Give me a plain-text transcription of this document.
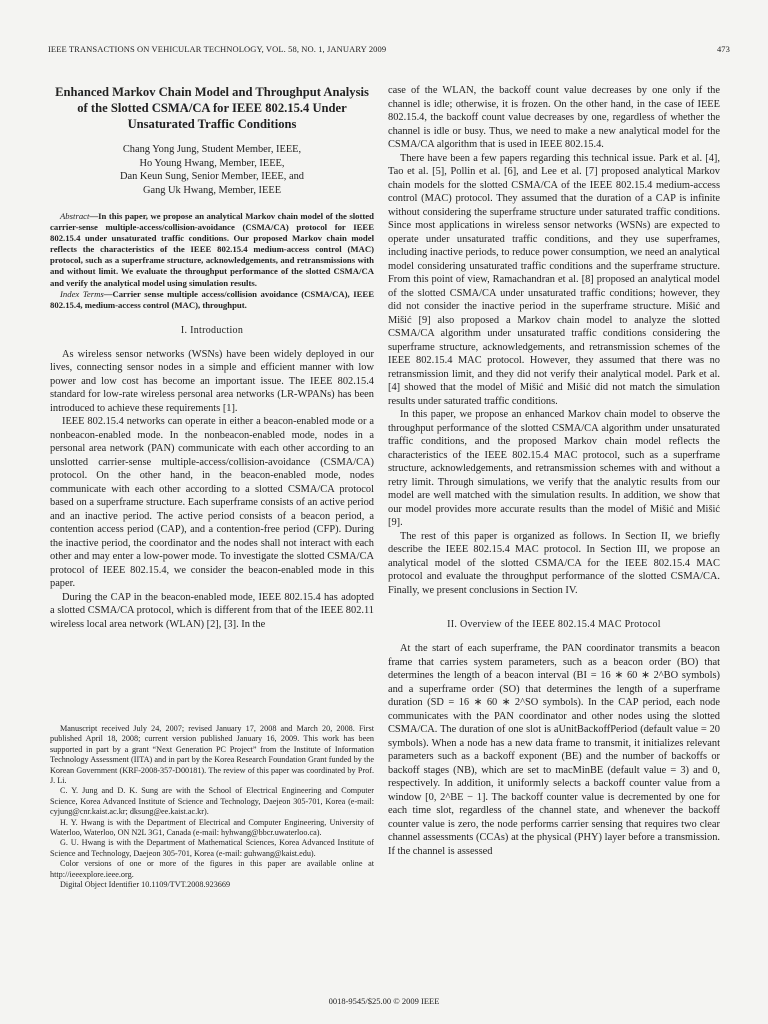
IEEE TRANSACTIONS ON VEHICULAR TECHNOLOGY, VOL. 58, NO. 1, JANUARY 2009	473
Enhanced Markov Chain Model and Throughput Analysis
of the Slotted CSMA/CA for IEEE 802.15.4 Under
Unsaturated Traffic Conditions
Chang Yong Jung, Student Member, IEEE,
Ho Young Hwang, Member, IEEE,
Dan Keun Sung, Senior Member, IEEE, and
Gang Uk Hwang, Member, IEEE

Abstract—In this paper, we propose an analytical Markov chain model of the slotted carrier-sense multiple-access/collision-avoidance (CSMA/CA) protocol for IEEE 802.15.4 under unsaturated traffic conditions. Our proposed Markov chain model reflects the characteristics of the IEEE 802.15.4 medium-access control (MAC) protocol, such as a superframe structure, acknowledgements, and retransmissions with and without limit. We evaluate the throughput performance of the slotted CSMA/CA and verify the analytical model using simulation results.

Index Terms—Carrier sense multiple access/collision avoidance (CSMA/CA), IEEE 802.15.4, medium-access control (MAC), throughput.

I. Introduction

As wireless sensor networks (WSNs) have been widely deployed in our lives, connecting sensor nodes in a simple and efficient manner with low power and low cost has become an important issue. The IEEE 802.15.4 standard for low-rate wireless personal area networks (LR-WPANs) has been introduced to achieve these requirements [1].

IEEE 802.15.4 networks can operate in either a beacon-enabled mode or a nonbeacon-enabled mode. In the nonbeacon-enabled mode, nodes in a personal area network (PAN) communicate with each other according to an unslotted carrier-sense multiple-access/collision-avoidance (CSMA/CA) protocol. On the other hand, in the beacon-enabled mode, nodes communicate with each other according to a slotted CSMA/CA protocol based on a superframe structure. Each superframe consists of an active period and an inactive period. The active period consists of a beacon period, a contention access period (CAP), and a contention-free period (CFP). During the inactive period, the coordinator and the nodes shall not interact with each other and may enter a low-power mode. To investigate the slotted CSMA/CA protocol of IEEE 802.15.4, we consider the beacon-enabled mode in this paper.

During the CAP in the beacon-enabled mode, IEEE 802.15.4 has adopted a slotted CSMA/CA protocol, which is different from that of the IEEE 802.11 wireless local area network (WLAN) [2], [3]. In the

Manuscript received July 24, 2007; revised January 17, 2008 and March 20, 2008. First published April 18, 2008; current version published January 16, 2009. This work has been supported in part by a grant “Next Generation PC Project” from the Institute of Information Technology Assessment (IITA) and in part by the Korea Research Foundation Grant funded by the Korean Government (KRF-2008-357-D00181). The review of this paper was coordinated by Prof. J. Li.

C. Y. Jung and D. K. Sung are with the School of Electrical Engineering and Computer Science, Korea Advanced Institute of Science and Technology, Daejeon 305-701, Korea (e-mail: cyjung@cnr.kaist.ac.kr; dksung@ee.kaist.ac.kr).

H. Y. Hwang is with the Department of Electrical and Computer Engineering, University of Waterloo, Waterloo, ON N2L 3G1, Canada (e-mail: hyhwang@bbcr.uwaterloo.ca).

G. U. Hwang is with the Department of Mathematical Sciences, Korea Advanced Institute of Science and Technology, Daejeon 305-701, Korea (e-mail: guhwang@kaist.edu).

Color versions of one or more of the figures in this paper are available online at http://ieeexplore.ieee.org.

Digital Object Identifier 10.1109/TVT.2008.923669

case of the WLAN, the backoff count value decreases by one only if the channel is idle; otherwise, it is frozen. On the other hand, in the case of IEEE 802.15.4, the backoff count value decreases by one, regardless of whether the channel is idle or busy. Thus, we need to make a new analytical model for the CSMA/CA algorithm that is used in IEEE 802.15.4.

There have been a few papers regarding this technical issue. Park et al. [4], Tao et al. [5], Pollin et al. [6], and Lee et al. [7] proposed analytical Markov chain models for the slotted CSMA/CA of the IEEE 802.15.4 medium-access control (MAC) protocol. They assumed that the duration of a CAP is infinite without considering the superframe structure under saturated traffic conditions. Since most applications in wireless sensor networks (WSNs) are expected to operate under unsaturated traffic conditions, and they use superframes, including inactive periods, to reduce power consumption, we need an analytical model considering unsaturated traffic conditions and the superframe structure. From this point of view, Ramachandran et al. [8] proposed an analytical model of the slotted CSMA/CA under unsaturated traffic conditions; however, they did not consider the inactive period in the superframe structure. Mišić and Mišić [9] also proposed a Markov chain model to analyze the slotted CSMA/CA algorithm under unsaturated traffic conditions considering the superframe structure, acknowledgements, and retransmission schemes of the IEEE 802.15.4 MAC protocol. However, they assumed that there was no retransmission limit, and they did not verify their analytical model. Park et al. [4] showed that the model of Mišić and Mišić did not match the simulation results under saturated traffic conditions.

In this paper, we propose an enhanced Markov chain model to observe the throughput performance of the slotted CSMA/CA algorithm under unsaturated traffic conditions, and the proposed Markov chain model reflects the characteristics of the IEEE 802.15.4 MAC protocol, such as a superframe structure, acknowledgements, and retransmission schemes with and without a retry limit. Through simulations, we verify that the analytic results from our model are well matched with the simulation results. In addition, we show that our model provides more accurate results than the model of Mišić and Mišić [9].

The rest of this paper is organized as follows. In Section II, we briefly describe the IEEE 802.15.4 MAC protocol. In Section III, we propose an analytical model of the slotted CSMA/CA for the IEEE 802.15.4 MAC protocol and evaluate the throughput performance of the slotted CSMA/CA. Finally, we present conclusions in Section IV.

II. Overview of the IEEE 802.15.4 MAC Protocol

At the start of each superframe, the PAN coordinator transmits a beacon frame that carries system parameters, such as a beacon order (BO) that determines the length of a beacon interval (BI = 16 ∗ 60 ∗ 2^BO symbols) and a superframe order (SO) that determines the length of a superframe duration (SD = 16 ∗ 60 ∗ 2^SO symbols). In the CAP period, each node communicates with the PAN coordinator and other nodes using the slotted CSMA/CA. The duration of one slot is aUnitBackoffPeriod (default value = 20 symbols). When a node has a new data frame to transmit, it initializes relevant parameters such as a backoff exponent (BE) and the number of backoffs or backoff stages (NB), which are set to macMinBE (default value = 3) and 0, respectively. In addition, it uniformly selects a backoff counter value from a window [0, 2^BE − 1]. The backoff counter value is decremented by one for each time slot, regardless of the channel state, and whenever the backoff counter value is zero, the node performs carrier sensing that requires two clear channel assessments (CCAs) at the physical (PHY) layer before a transmission. If the channel is assessed

0018-9545/$25.00 © 2009 IEEE
